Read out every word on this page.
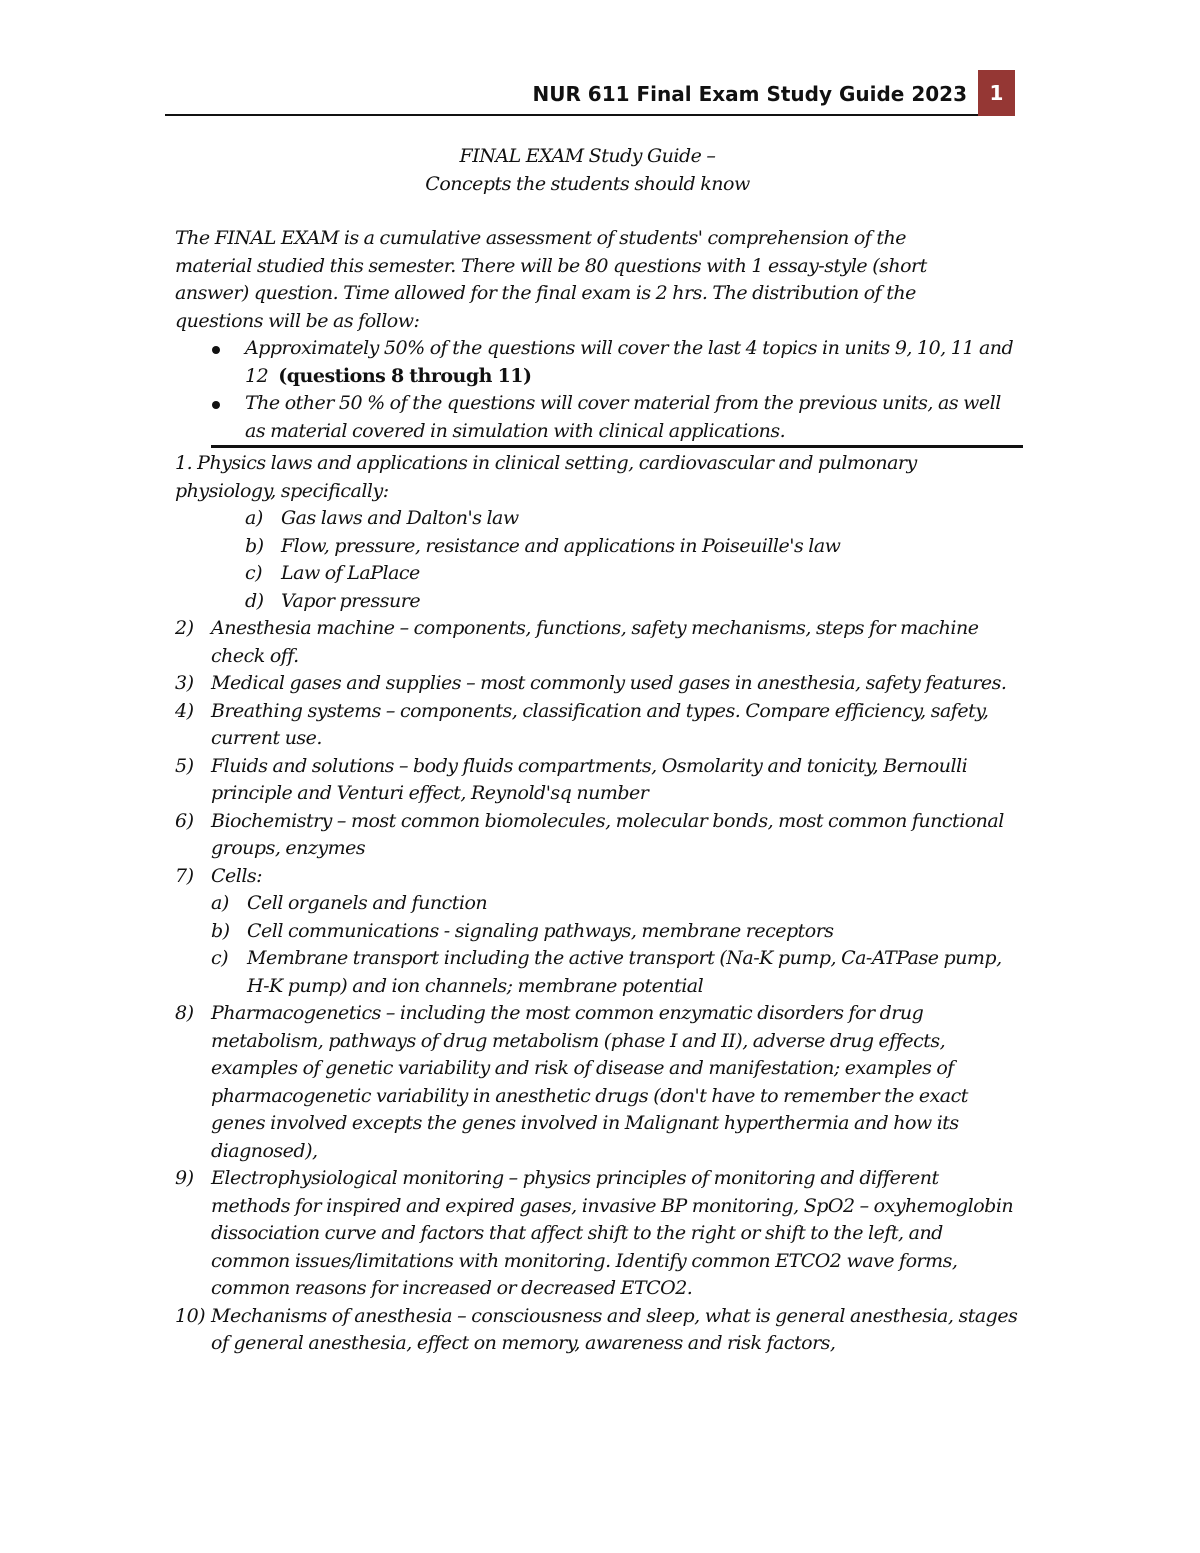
NUR 611 Final Exam Study Guide 2023	1
FINAL EXAM Study Guide –
Concepts the students should know

The FINAL EXAM is a cumulative assessment of students' comprehension of the material studied this semester. There will be 80 questions with 1 essay-style (short answer) question. Time allowed for the final exam is 2 hrs. The distribution of the questions will be as follow:

Approximately 50% of the questions will cover the last 4 topics in units 9, 10, 11 and 12 (questions 8 through 11)
The other 50 % of the questions will cover material from the previous units, as well as material covered in simulation with clinical applications.
1. Physics laws and applications in clinical setting, cardiovascular and pulmonary physiology, specifically:
a) Gas laws and Dalton's law
b) Flow, pressure, resistance and applications in Poiseuille's law
c) Law of LaPlace
d) Vapor pressure
2) Anesthesia machine – components, functions, safety mechanisms, steps for machine check off.
3) Medical gases and supplies – most commonly used gases in anesthesia, safety features.
4) Breathing systems – components, classification and types. Compare efficiency, safety, current use.
5) Fluids and solutions – body fluids compartments, Osmolarity and tonicity, Bernoulli principle and Venturi effect, Reynold'sq number
6) Biochemistry – most common biomolecules, molecular bonds, most common functional groups, enzymes
7) Cells:
a) Cell organels and function
b) Cell communications - signaling pathways, membrane receptors
c) Membrane transport including the active transport (Na-K pump, Ca-ATPase pump, H-K pump) and ion channels; membrane potential
8) Pharmacogenetics – including the most common enzymatic disorders for drug metabolism, pathways of drug metabolism (phase I and II), adverse drug effects, examples of genetic variability and risk of disease and manifestation; examples of pharmacogenetic variability in anesthetic drugs (don't have to remember the exact genes involved excepts the genes involved in Malignant hyperthermia and how its diagnosed),
9) Electrophysiological monitoring – physics principles of monitoring and different methods for inspired and expired gases, invasive BP monitoring, SpO2 – oxyhemoglobin dissociation curve and factors that affect shift to the right or shift to the left, and common issues/limitations with monitoring. Identify common ETCO2 wave forms, common reasons for increased or decreased ETCO2.
10) Mechanisms of anesthesia – consciousness and sleep, what is general anesthesia, stages of general anesthesia, effect on memory, awareness and risk factors,
